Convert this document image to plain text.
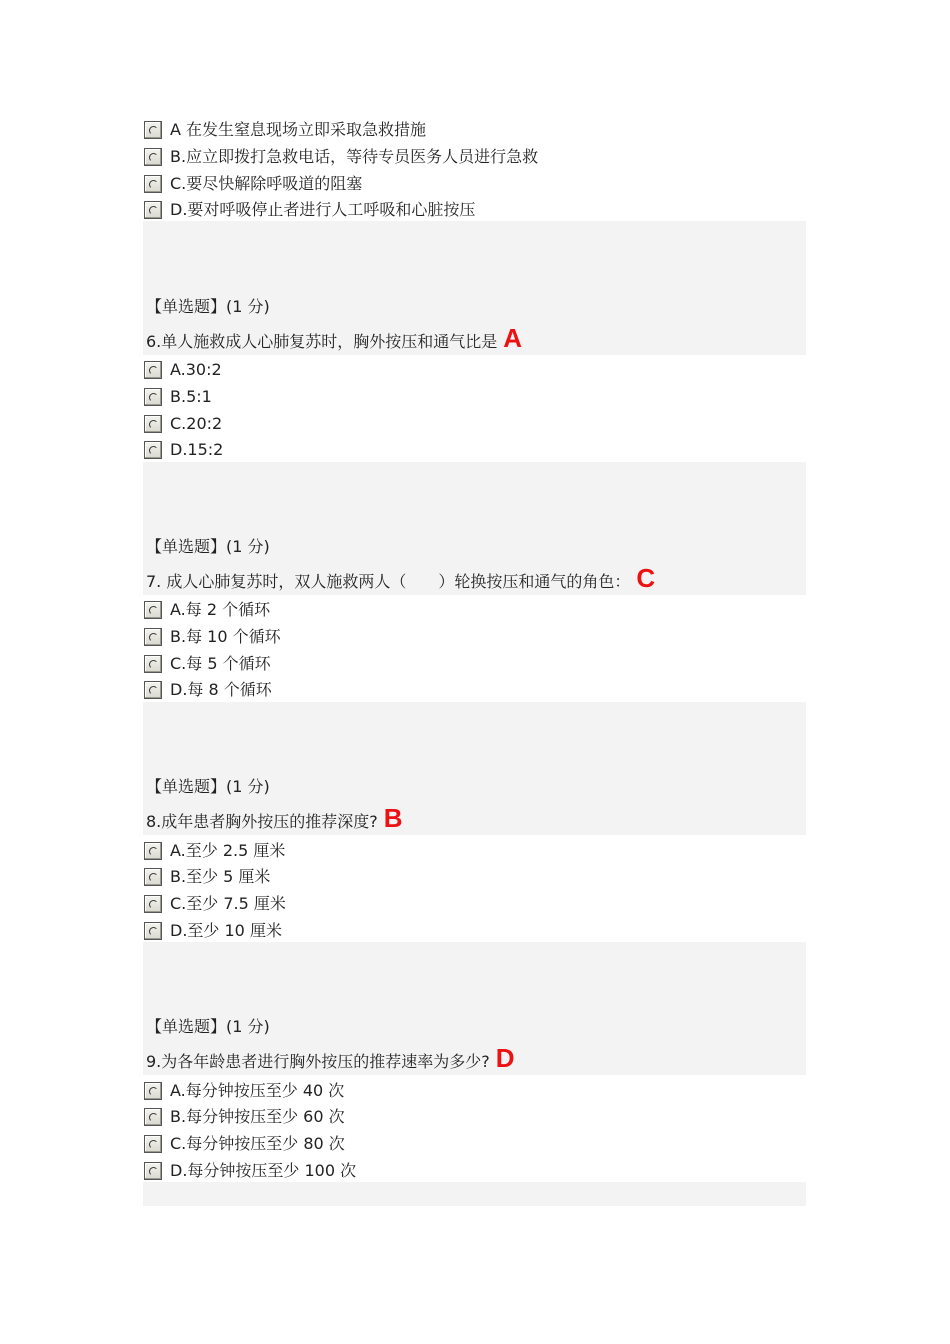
A 在发生窒息现场立即采取急救措施
B.应立即拨打急救电话，等待专员医务人员进行急救
C.要尽快解除呼吸道的阻塞
D.要对呼吸停止者进行人工呼吸和心脏按压
【单选题】(1 分)
6.单人施救成人心肺复苏时，胸外按压和通气比是 A
A.30:2
B.5:1
C.20:2
D.15:2
【单选题】(1 分)
7. 成人心肺复苏时，双人施救两人（　　）轮换按压和通气的角色： C
A.每 2 个循环
B.每 10 个循环
C.每 5 个循环
D.每 8 个循环
【单选题】(1 分)
8.成年患者胸外按压的推荐深度? B
A.至少 2.5 厘米
B.至少 5 厘米
C.至少 7.5 厘米
D.至少 10 厘米
【单选题】(1 分)
9.为各年龄患者进行胸外按压的推荐速率为多少? D
A.每分钟按压至少 40 次
B.每分钟按压至少 60 次
C.每分钟按压至少 80 次
D.每分钟按压至少 100 次
